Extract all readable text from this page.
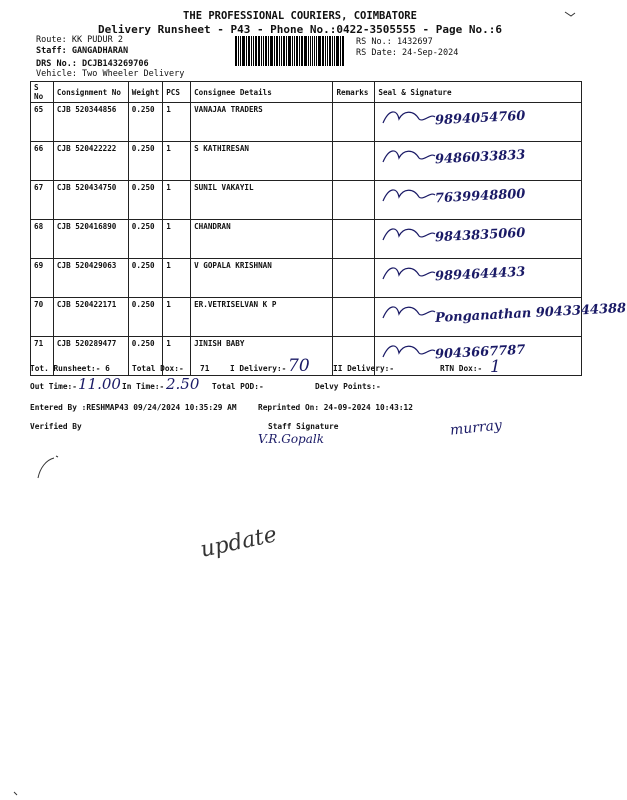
THE PROFESSIONAL COURIERS, COIMBATORE
Delivery Runsheet - P43 - Phone No.:0422-3505555 - Page No.:6
Route: KK PUDUR 2
Staff: GANGADHARAN
DRS No.: DCJB143269706
Vehicle: Two Wheeler Delivery
RS No.: 1432697
RS Date: 24-Sep-2024
S No	Consignment No	Weight	PCS	Consignee Details	Remarks	Seal & Signature
65	CJB 520344856	0.250	1	VANAJAA TRADERS		9894054760

66	CJB 520422222	0.250	1	S KATHIRESAN		9486033833

67	CJB 520434750	0.250	1	SUNIL VAKAYIL		7639948800

68	CJB 520416890	0.250	1	CHANDRAN		9843835060

69	CJB 520429063	0.250	1	V GOPALA KRISHNAN		9894644433

70	CJB 520422171	0.250	1	ER.VETRISELVAN K P		Ponganathan 9043344388

71	CJB 520289477	0.250	1	JINISH BABY		9043667787
Tot. Runsheet:- 6	Total Dox:- 71	I Delivery:- 70	II Delivery:-	RTN Dox:- 1
Out Time:- 11.00 In Time:- 2.50 Total POD:-	Delvy Points:-
Entered By :RESHMAP43 09/24/2024 10:35:29 AM	Reprinted On: 24-09-2024 10:43:12
Verified By	Staff Signature
V.R.Gopalk
murray
update
